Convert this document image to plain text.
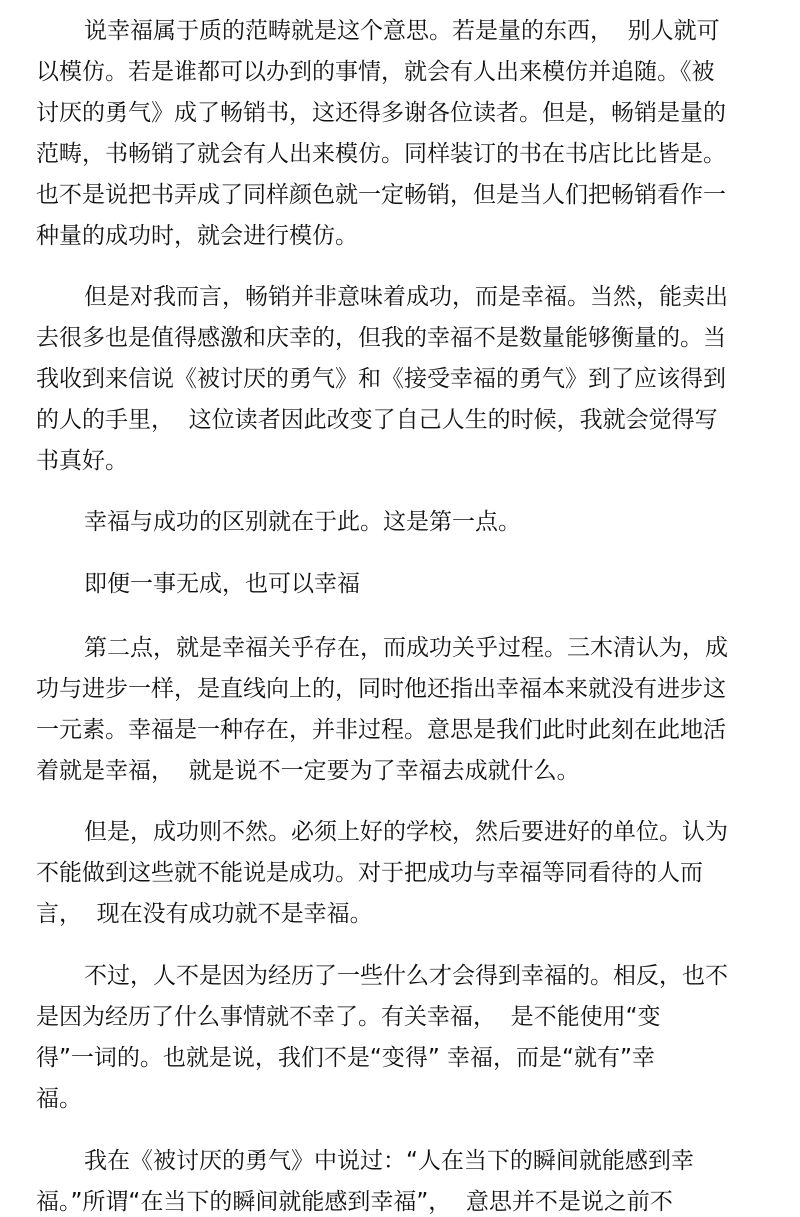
说幸福属于质的范畴就是这个意思。若是量的东西，  别人就可
以模仿。若是谁都可以办到的事情，就会有人出来模仿并追随。《被
讨厌的勇气》成了畅销书，这还得多谢各位读者。但是，畅销是量的
范畴，书畅销了就会有人出来模仿。同样装订的书在书店比比皆是。
也不是说把书弄成了同样颜色就一定畅销，但是当人们把畅销看作一
种量的成功时，就会进行模仿。
但是对我而言，畅销并非意味着成功，而是幸福。当然，能卖出
去很多也是值得感激和庆幸的，但我的幸福不是数量能够衡量的。当
我收到来信说《被讨厌的勇气》和《接受幸福的勇气》到了应该得到
的人的手里，  这位读者因此改变了自己人生的时候，我就会觉得写
书真好。
幸福与成功的区别就在于此。这是第一点。
即便一事无成，也可以幸福
第二点，就是幸福关乎存在，而成功关乎过程。三木清认为，成
功与进步一样，是直线向上的，同时他还指出幸福本来就没有进步这
一元素。幸福是一种存在，并非过程。意思是我们此时此刻在此地活
着就是幸福，  就是说不一定要为了幸福去成就什么。
但是，成功则不然。必须上好的学校，然后要进好的单位。认为
不能做到这些就不能说是成功。对于把成功与幸福等同看待的人而
言，  现在没有成功就不是幸福。
不过，人不是因为经历了一些什么才会得到幸福的。相反，也不
是因为经历了什么事情就不幸了。有关幸福，  是不能使用“变
得”一词的。也就是说，我们不是“变得” 幸福，而是“就有”幸
福。
我在《被讨厌的勇气》中说过：“人在当下的瞬间就能感到幸
福。”所谓“在当下的瞬间就能感到幸福”，  意思并不是说之前不
